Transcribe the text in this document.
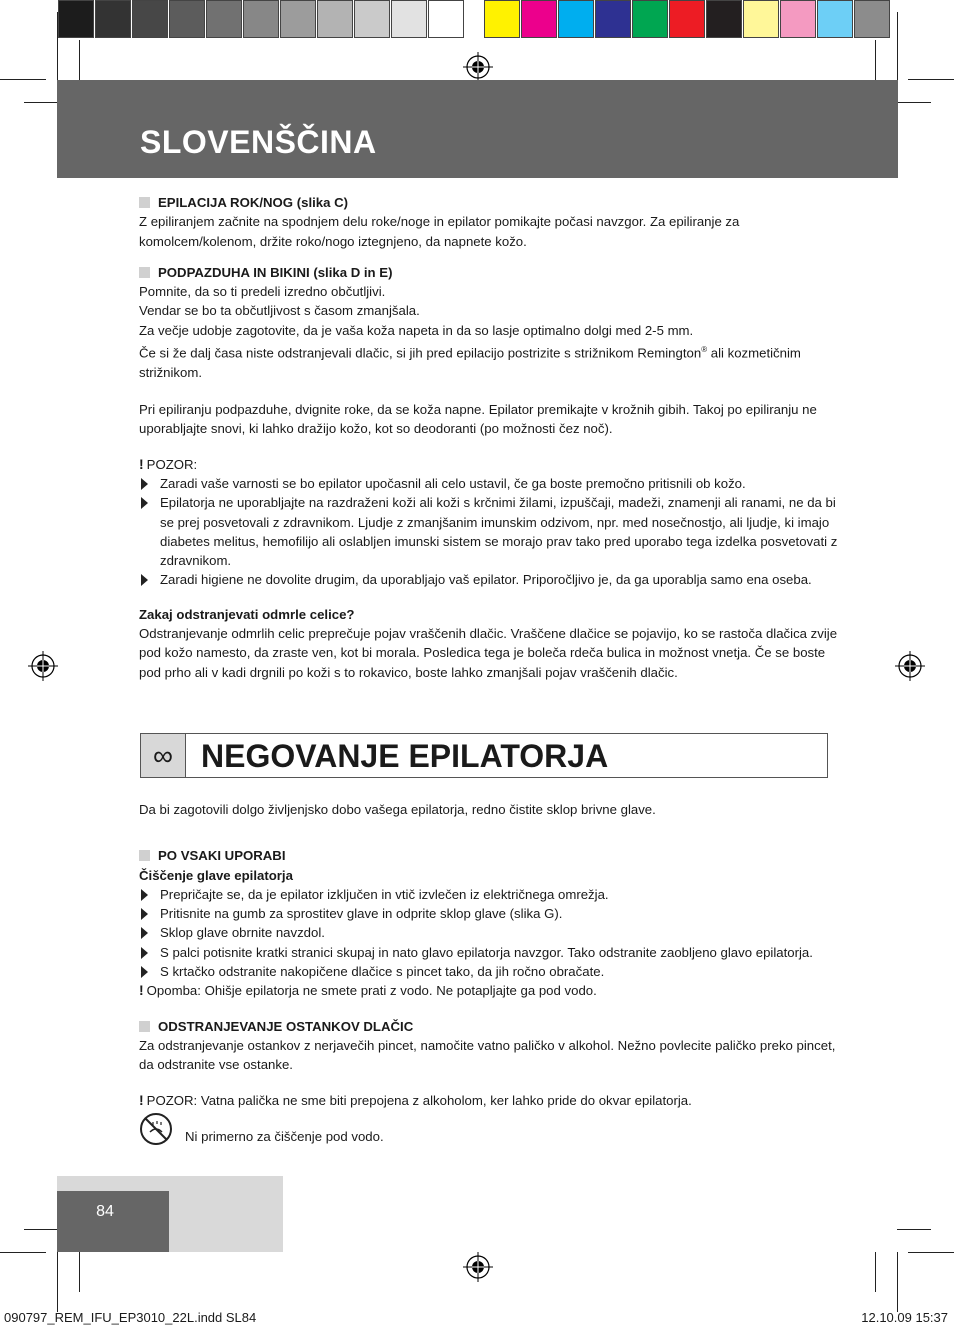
SLOVENŠČINA
EPILACIJA ROK/NOG (slika C)

Z epiliranjem začnite na spodnjem delu roke/noge in epilator pomikajte počasi navzgor. Za epiliranje za komolcem/kolenom, držite roko/nogo iztegnjeno, da napnete kožo.

PODPAZDUHA IN BIKINI (slika D in E)

Pomnite, da so ti predeli izredno občutljivi.

Vendar se bo ta občutljivost s časom zmanjšala.

Za večje udobje zagotovite, da je vaša koža napeta in da so lasje optimalno dolgi med 2-5 mm.

Če si že dalj časa niste odstranjevali dlačic, si jih pred epilacijo postrizite s strižnikom Remington® ali kozmetičnim strižnikom.

Pri epiliranju podpazduhe, dvignite roke, da se koža napne. Epilator premikajte v krožnih gibih. Takoj po epiliranju ne uporabljajte snovi, ki lahko dražijo kožo, kot so deodoranti (po možnosti čez noč).

! POZOR:

Zaradi vaše varnosti se bo epilator upočasnil ali celo ustavil, če ga boste premočno pritisnili ob kožo.
Epilatorja ne uporabljajte na razdraženi koži ali koži s krčnimi žilami, izpuščaji, madeži, znamenji ali ranami, ne da bi se prej posvetovali z zdravnikom. Ljudje z zmanjšanim imunskim odzivom, npr. med nosečnostjo, ali ljudje, ki imajo diabetes melitus, hemofilijo ali oslabljen imunski sistem se morajo prav tako pred uporabo tega izdelka posvetovati z zdravnikom.
Zaradi higiene ne dovolite drugim, da uporabljajo vaš epilator. Priporočljivo je, da ga uporablja samo ena oseba.

Zakaj odstranjevati odmrle celice?

Odstranjevanje odmrlih celic preprečuje pojav vraščenih dlačic. Vraščene dlačice se pojavijo, ko se rastoča dlačica zvije pod kožo namesto, da zraste ven, kot bi morala. Posledica tega je boleča rdeča bulica in možnost vnetja. Če se boste pod prho ali v kadi drgnili po koži s to rokavico, boste lahko zmanjšali pojav vraščenih dlačic.

∞ NEGOVANJE EPILATORJA

Da bi zagotovili dolgo življenjsko dobo vašega epilatorja, redno čistite sklop brivne glave.

PO VSAKI UPORABI

Čiščenje glave epilatorja

Prepričajte se, da je epilator izključen in vtič izvlečen iz električnega omrežja.
Pritisnite na gumb za sprostitev glave in odprite sklop glave (slika G).
Sklop glave obrnite navzdol.
S palci potisnite kratki stranici skupaj in nato glavo epilatorja navzgor. Tako odstranite zaobljeno glavo epilatorja.
S krtačko odstranite nakopičene dlačice s pincet tako, da jih ročno obračate.

! Opomba: Ohišje epilatorja ne smete prati z vodo. Ne potapljajte ga pod vodo.

ODSTRANJEVANJE OSTANKOV DLAČIC

Za odstranjevanje ostankov z nerjavečih pincet, namočite vatno paličko v alkohol. Nežno povlecite paličko preko pincet, da odstranite vse ostanke.

! POZOR: Vatna palička ne sme biti prepojena z alkoholom, ker lahko pride do okvar epilatorja.

Ni primerno za čiščenje pod vodo.
84
090797_REM_IFU_EP3010_22L.indd SL84	12.10.09 15:37
